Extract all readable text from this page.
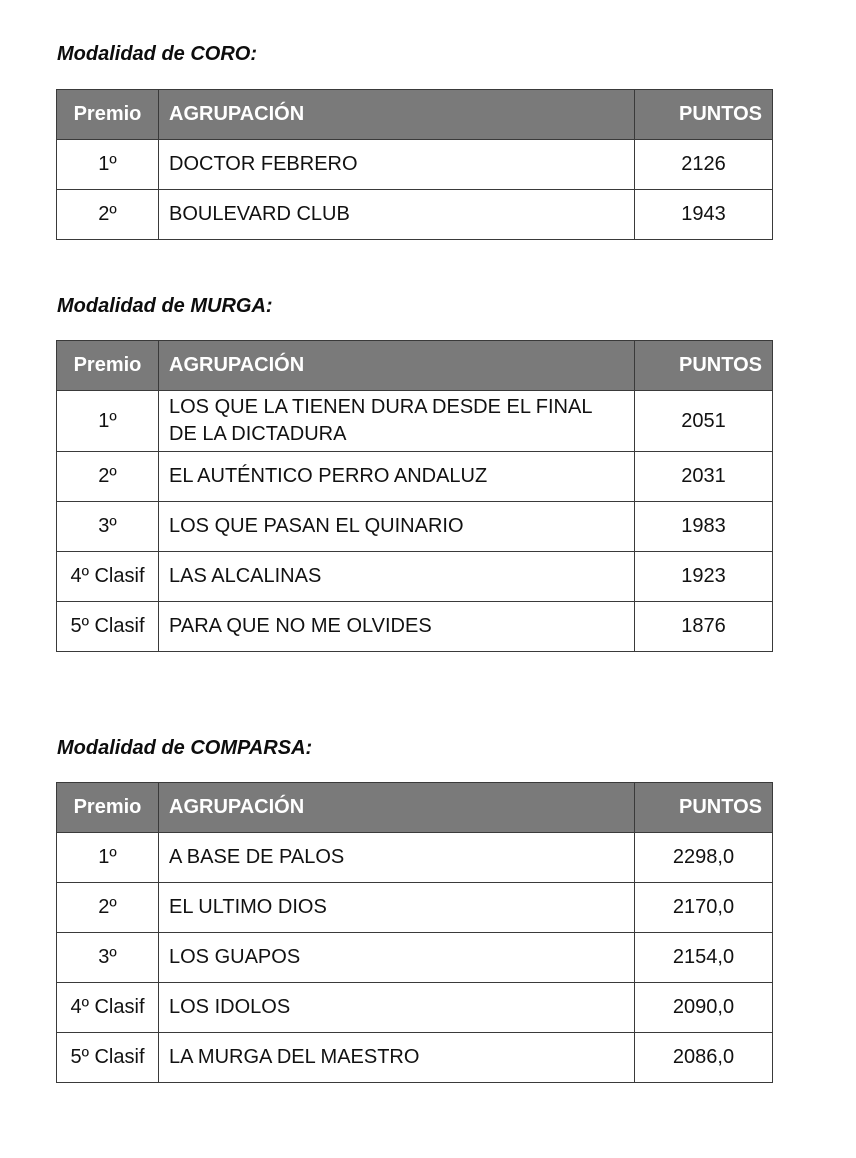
Modalidad de CORO:
Premio	AGRUPACIÓN	PUNTOS
1º	DOCTOR FEBRERO	2126
2º	BOULEVARD CLUB	1943
Modalidad de MURGA:
Premio	AGRUPACIÓN	PUNTOS
1º	LOS QUE LA TIENEN DURA DESDE EL FINAL DE LA DICTADURA	2051
2º	EL AUTÉNTICO PERRO ANDALUZ	2031
3º	LOS QUE PASAN EL QUINARIO	1983
4º Clasif	LAS ALCALINAS	1923
5º Clasif	PARA QUE NO ME OLVIDES	1876
Modalidad de COMPARSA:
Premio	AGRUPACIÓN	PUNTOS
1º	A BASE DE PALOS	2298,0
2º	EL ULTIMO DIOS	2170,0
3º	LOS GUAPOS	2154,0
4º Clasif	LOS IDOLOS	2090,0
5º Clasif	LA MURGA DEL MAESTRO	2086,0
